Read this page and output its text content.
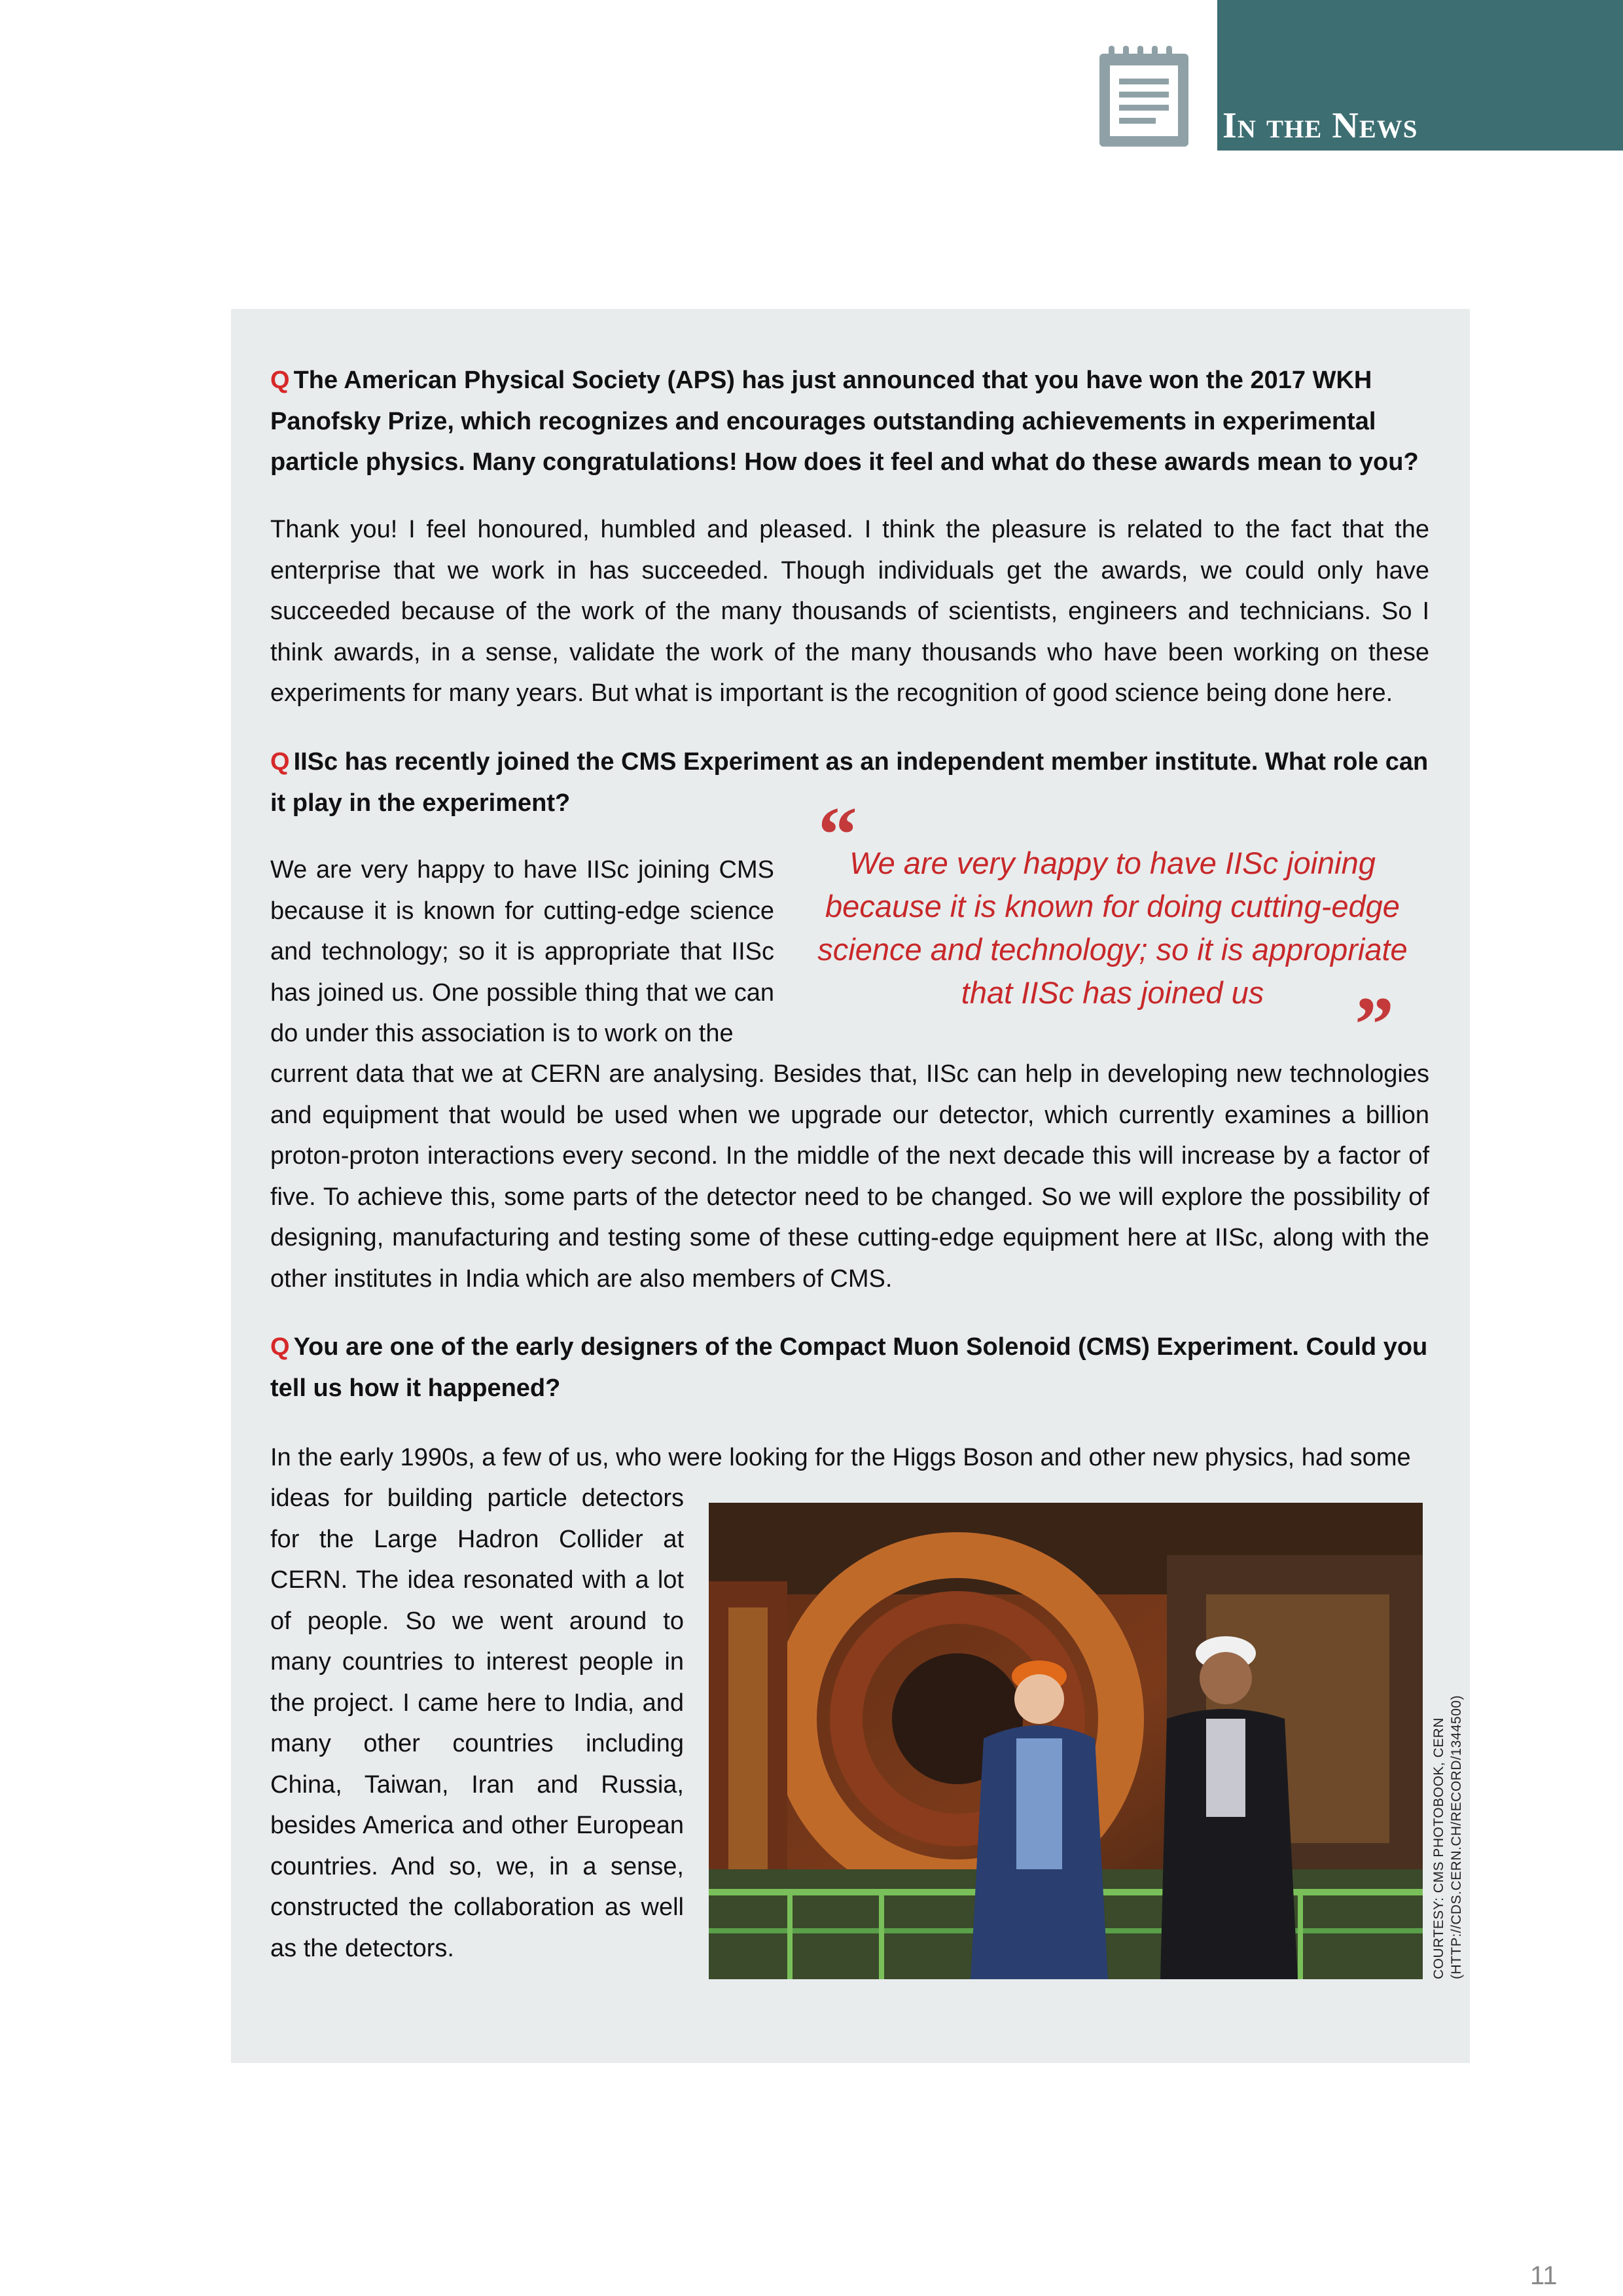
In the News

Q The American Physical Society (APS) has just announced that you have won the 2017 WKH Panofsky Prize, which recognizes and encourages outstanding achievements in experimental particle physics. Many congratulations! How does it feel and what do these awards mean to you?

Thank you! I feel honoured, humbled and pleased. I think the pleasure is related to the fact that the enterprise that we work in has succeeded. Though individuals get the awards, we could only have succeeded because of the work of the many thousands of scientists, engineers and technicians. So I think awards, in a sense, validate the work of the many thousands who have been working on these experiments for many years. But what is important is the recognition of good science being done here.

Q IISc has recently joined the CMS Experiment as an independent member institute. What role can it play in the experiment?

We are very happy to have IISc joining CMS because it is known for cutting-edge science and technology; so it is appropriate that IISc has joined us. One possible thing that we can do under this association is to work on the

current data that we at CERN are analysing. Besides that, IISc can help in developing new technologies and equipment that would be used when we upgrade our detector, which currently examines a billion proton-proton interactions every second. In the middle of the next decade this will increase by a factor of five. To achieve this, some parts of the detector need to be changed. So we will explore the possibility of designing, manufacturing and testing some of these cutting-edge equipment here at IISc, along with the other institutes in India which are also members of CMS.

“
We are very happy to have IISc joining because it is known for doing cutting-edge science and technology; so it is appropriate that IISc has joined us	”

Q You are one of the early designers of the Compact Muon Solenoid (CMS) Experiment. Could you tell us how it happened?

In the early 1990s, a few of us, who were looking for the Higgs Boson and other new physics, had some

ideas for building particle detectors for the Large Hadron Collider at CERN. The idea resonated with a lot of people. So we went around to many countries to interest people in the project. I came here to India, and many other countries including China, Taiwan, Iran and Russia, besides America and other European countries. And so, we, in a sense, constructed the collaboration as well as the detectors.	COURTESY: CMS PHOTOBOOK, CERN (HTTP://CDS.CERN.CH/RECORD/1344500)
11
